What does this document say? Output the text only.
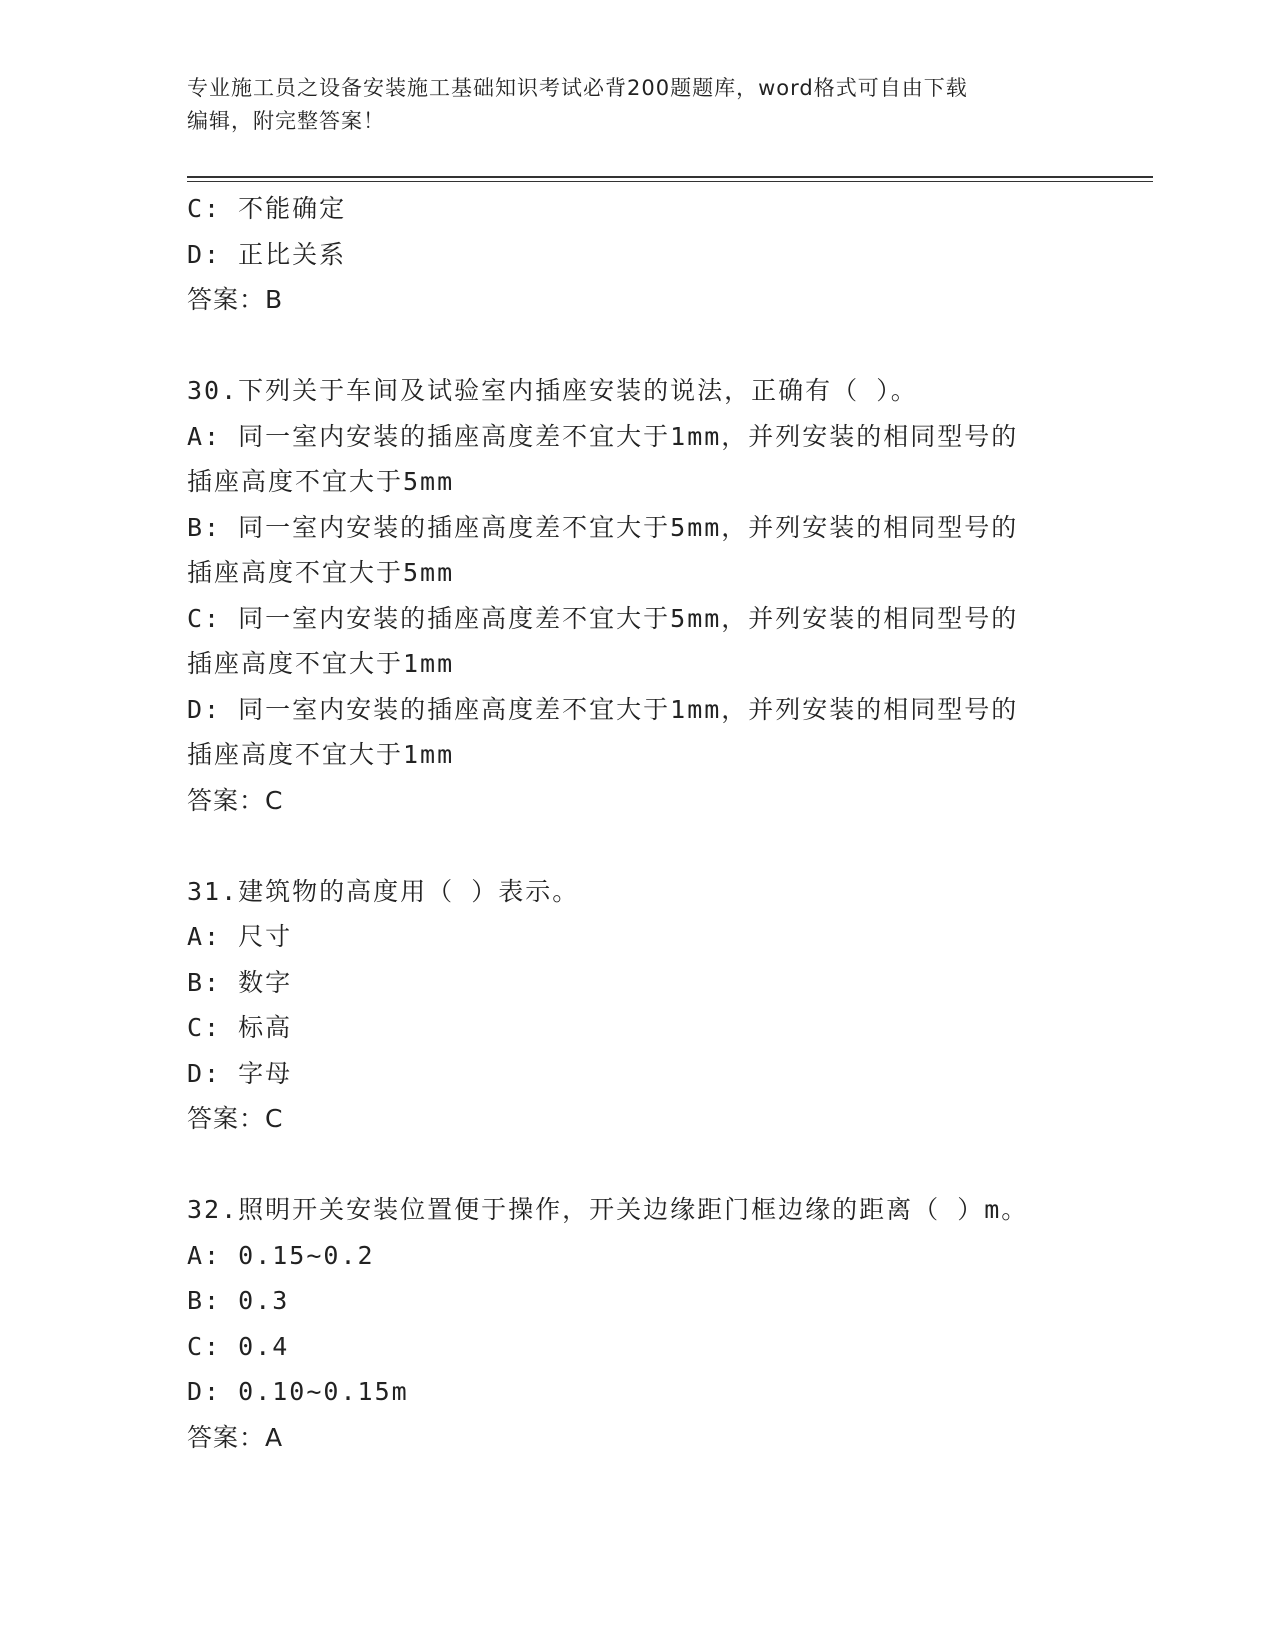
专业施工员之设备安装施工基础知识考试必背200题题库，word格式可自由下载
编辑，附完整答案！
C: 不能确定
D: 正比关系
答案：B
30.下列关于车间及试验室内插座安装的说法，正确有（ ）。
A: 同一室内安装的插座高度差不宜大于1mm，并列安装的相同型号的
插座高度不宜大于5mm
B: 同一室内安装的插座高度差不宜大于5mm，并列安装的相同型号的
插座高度不宜大于5mm
C: 同一室内安装的插座高度差不宜大于5mm，并列安装的相同型号的
插座高度不宜大于1mm
D: 同一室内安装的插座高度差不宜大于1mm，并列安装的相同型号的
插座高度不宜大于1mm
答案：C
31.建筑物的高度用（ ）表示。
A: 尺寸
B: 数字
C: 标高
D: 字母
答案：C
32.照明开关安装位置便于操作，开关边缘距门框边缘的距离（ ）m。
A: 0.15~0.2
B: 0.3
C: 0.4
D: 0.10~0.15m
答案：A
